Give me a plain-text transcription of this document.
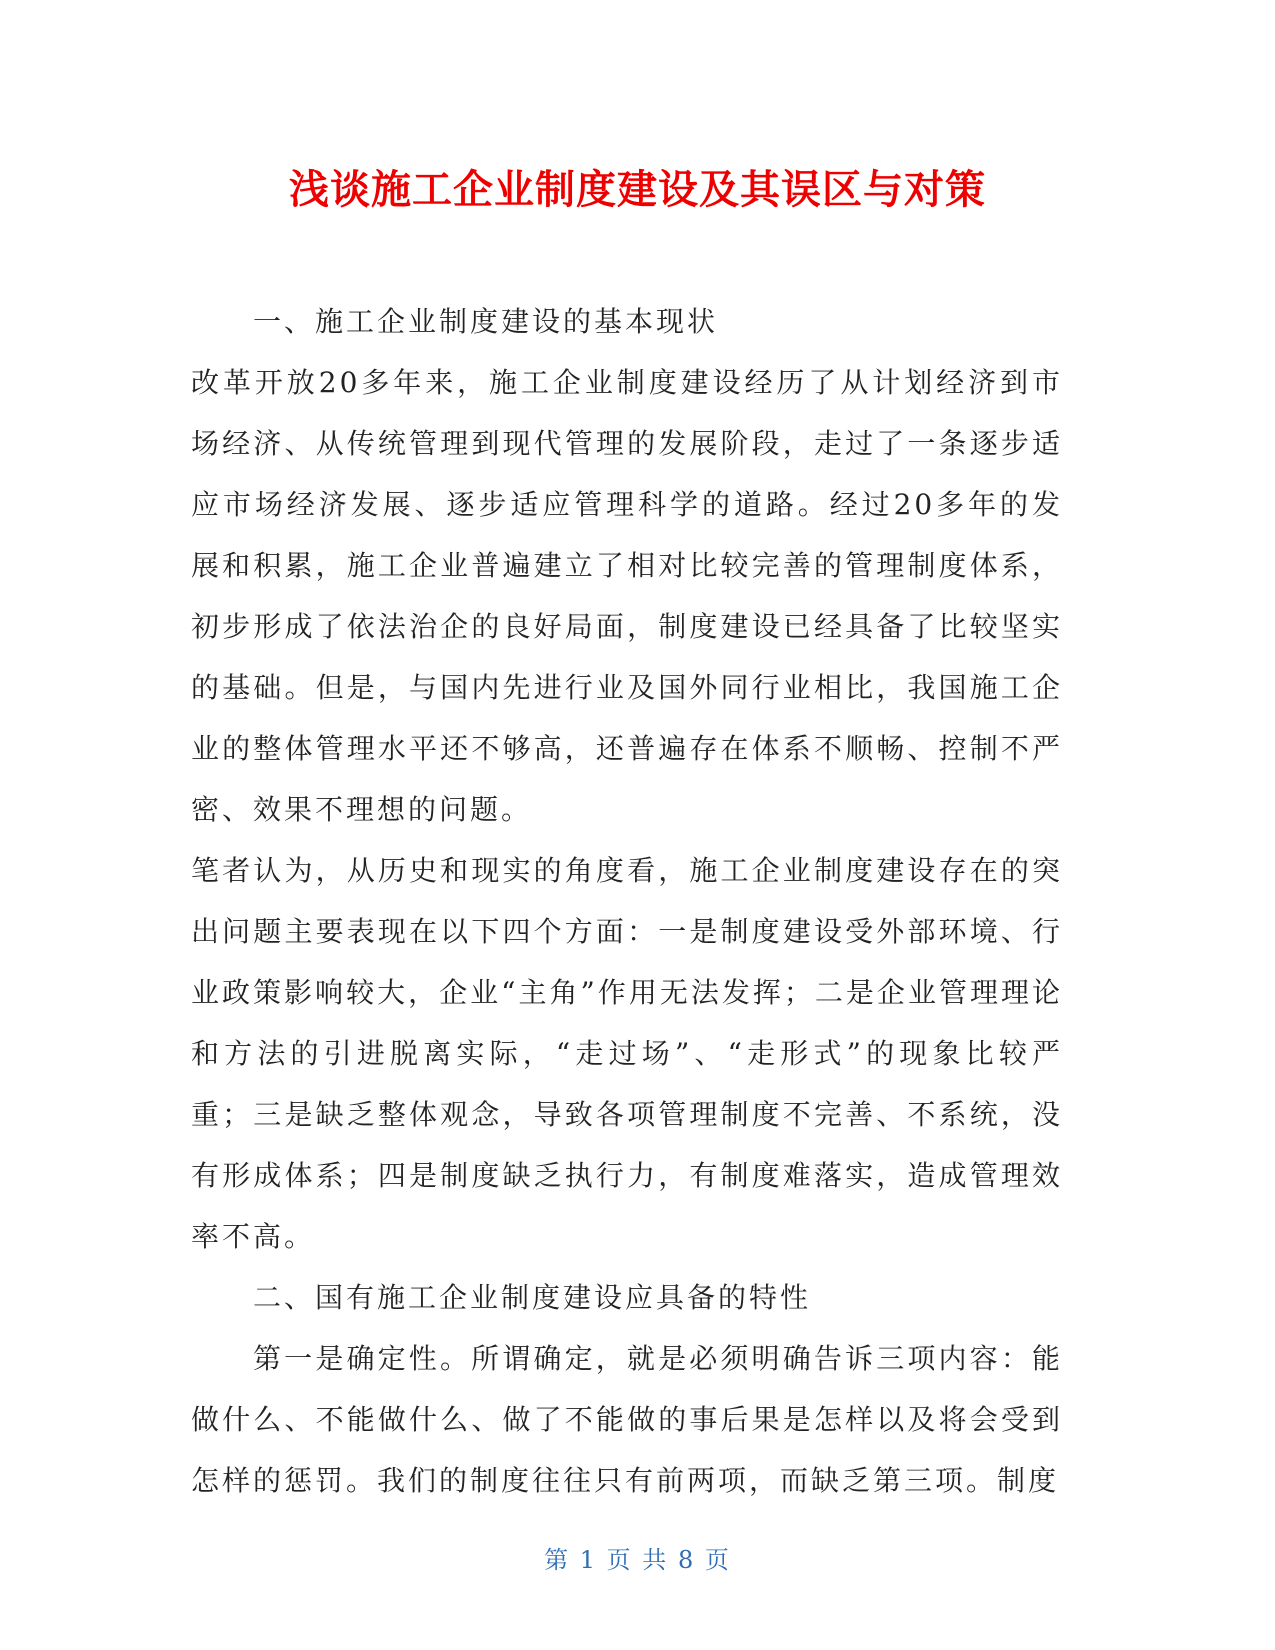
浅谈施工企业制度建设及其误区与对策

一、施工企业制度建设的基本现状

改革开放20多年来，施工企业制度建设经历了从计划经济到市场经济、从传统管理到现代管理的发展阶段，走过了一条逐步适应市场经济发展、逐步适应管理科学的道路。经过20多年的发展和积累，施工企业普遍建立了相对比较完善的管理制度体系，初步形成了依法治企的良好局面，制度建设已经具备了比较坚实的基础。但是，与国内先进行业及国外同行业相比，我国施工企业的整体管理水平还不够高，还普遍存在体系不顺畅、控制不严密、效果不理想的问题。

笔者认为，从历史和现实的角度看，施工企业制度建设存在的突出问题主要表现在以下四个方面：一是制度建设受外部环境、行业政策影响较大，企业“主角”作用无法发挥；二是企业管理理论和方法的引进脱离实际，“走过场”、“走形式”的现象比较严重；三是缺乏整体观念，导致各项管理制度不完善、不系统，没有形成体系；四是制度缺乏执行力，有制度难落实，造成管理效率不高。

二、国有施工企业制度建设应具备的特性

第一是确定性。所谓确定，就是必须明确告诉三项内容：能做什么、不能做什么、做了不能做的事后果是怎样以及将会受到怎样的惩罚。我们的制度往往只有前两项，而缺乏第三项。制度

第 1 页 共 8 页
